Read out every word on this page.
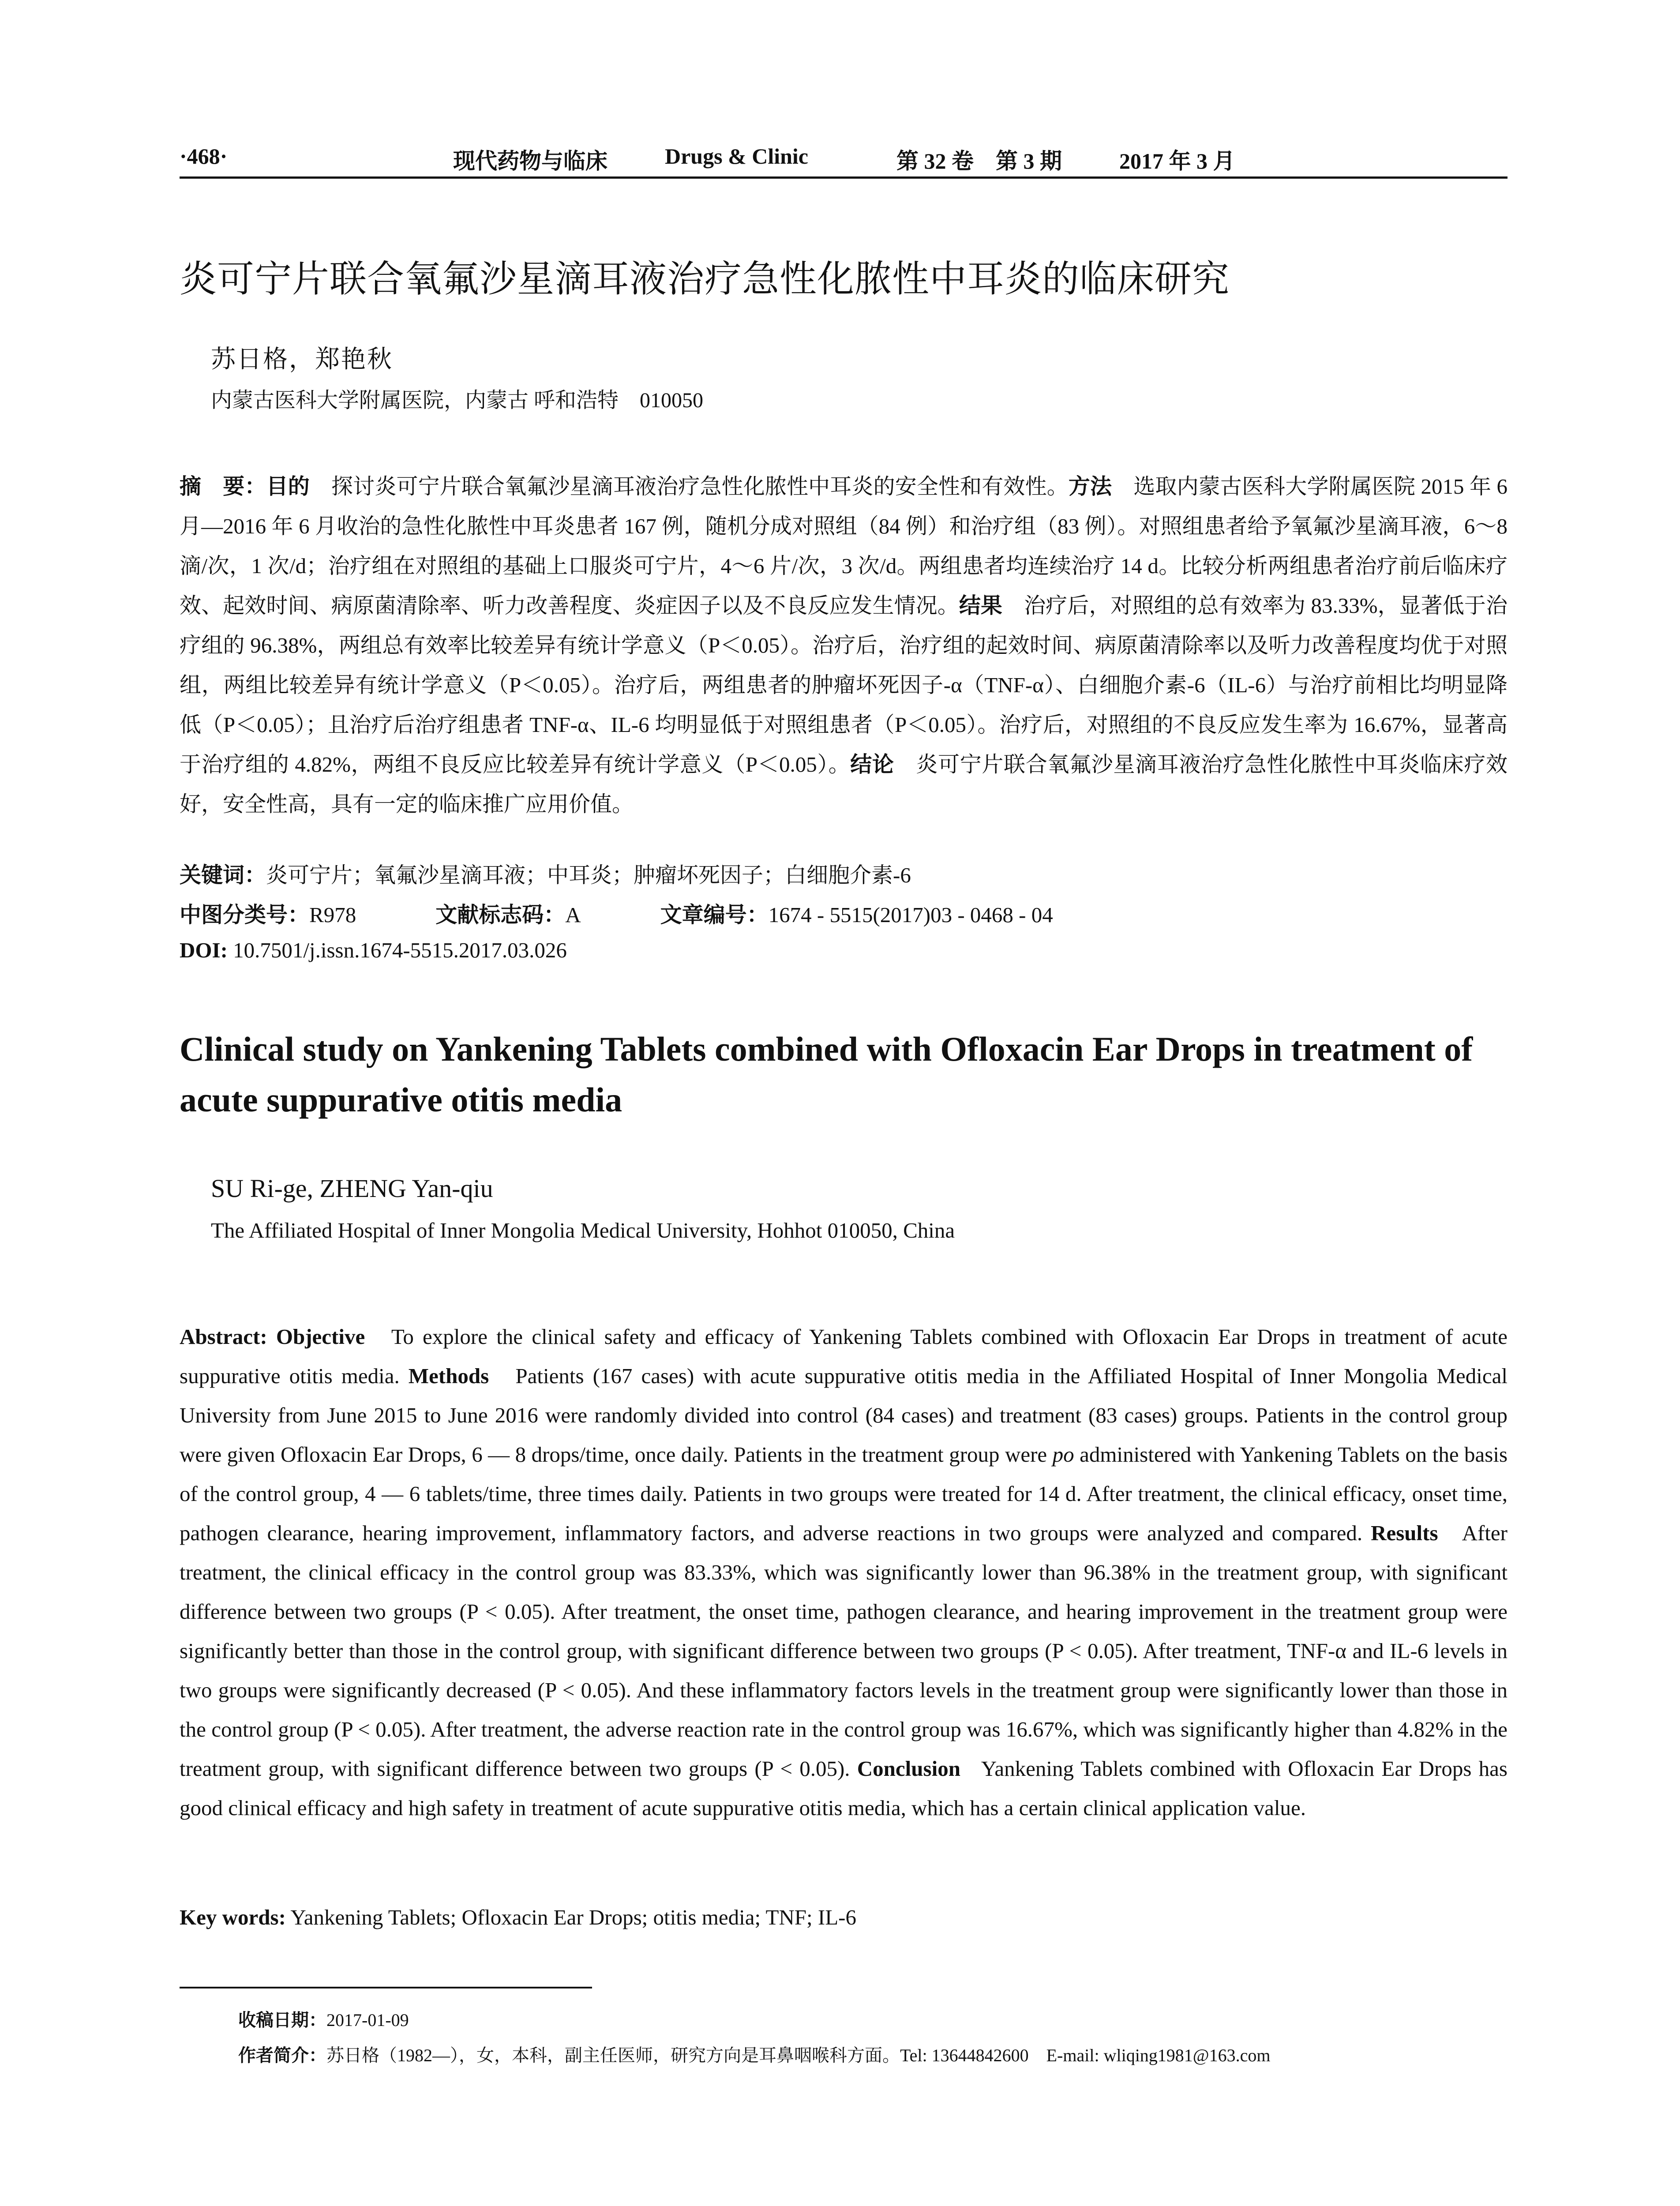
·468·	现代药物与临床	Drugs & Clinic	第 32 卷　第 3 期	2017 年 3 月
炎可宁片联合氧氟沙星滴耳液治疗急性化脓性中耳炎的临床研究
苏日格，郑艳秋
内蒙古医科大学附属医院，内蒙古 呼和浩特　010050
摘　要：目的　 探讨炎可宁片联合氧氟沙星滴耳液治疗急性化脓性中耳炎的安全性和有效性。方法　 选取内蒙古医科大学附属医院 2015 年 6 月—2016 年 6 月收治的急性化脓性中耳炎患者 167 例，随机分成对照组（84 例）和治疗组（83 例）。对照组患者给予氧氟沙星滴耳液，6～8 滴/次，1 次/d；治疗组在对照组的基础上口服炎可宁片，4～6 片/次，3 次/d。两组患者均连续治疗 14 d。比较分析两组患者治疗前后临床疗效、起效时间、病原菌清除率、听力改善程度、炎症因子以及不良反应发生情况。结果　 治疗后，对照组的总有效率为 83.33%，显著低于治疗组的 96.38%，两组总有效率比较差异有统计学意义（P＜0.05）。治疗后，治疗组的起效时间、病原菌清除率以及听力改善程度均优于对照组，两组比较差异有统计学意义（P＜0.05）。治疗后，两组患者的肿瘤坏死因子-α（TNF-α）、白细胞介素-6（IL-6）与治疗前相比均明显降低（P＜0.05）；且治疗后治疗组患者 TNF-α、IL-6 均明显低于对照组患者（P＜0.05）。治疗后，对照组的不良反应发生率为 16.67%，显著高于治疗组的 4.82%，两组不良反应比较差异有统计学意义（P＜0.05）。结论　 炎可宁片联合氧氟沙星滴耳液治疗急性化脓性中耳炎临床疗效好，安全性高，具有一定的临床推广应用价值。
关键词：炎可宁片；氧氟沙星滴耳液；中耳炎；肿瘤坏死因子；白细胞介素-6
中图分类号：R978	文献标志码：A	文章编号：1674 - 5515(2017)03 - 0468 - 04
DOI: 10.7501/j.issn.1674-5515.2017.03.026
Clinical study on Yankening Tablets combined with Ofloxacin Ear Drops in treatment of acute suppurative otitis media
SU Ri-ge, ZHENG Yan-qiu
The Affiliated Hospital of Inner Mongolia Medical University, Hohhot 010050, China
Abstract: Objective To explore the clinical safety and efficacy of Yankening Tablets combined with Ofloxacin Ear Drops in treatment of acute suppurative otitis media. Methods Patients (167 cases) with acute suppurative otitis media in the Affiliated Hospital of Inner Mongolia Medical University from June 2015 to June 2016 were randomly divided into control (84 cases) and treatment (83 cases) groups. Patients in the control group were given Ofloxacin Ear Drops, 6 — 8 drops/time, once daily. Patients in the treatment group were po administered with Yankening Tablets on the basis of the control group, 4 — 6 tablets/time, three times daily. Patients in two groups were treated for 14 d. After treatment, the clinical efficacy, onset time, pathogen clearance, hearing improvement, inflammatory factors, and adverse reactions in two groups were analyzed and compared. Results After treatment, the clinical efficacy in the control group was 83.33%, which was significantly lower than 96.38% in the treatment group, with significant difference between two groups (P < 0.05). After treatment, the onset time, pathogen clearance, and hearing improvement in the treatment group were significantly better than those in the control group, with significant difference between two groups (P < 0.05). After treatment, TNF-α and IL-6 levels in two groups were significantly decreased (P < 0.05). And these inflammatory factors levels in the treatment group were significantly lower than those in the control group (P < 0.05). After treatment, the adverse reaction rate in the control group was 16.67%, which was significantly higher than 4.82% in the treatment group, with significant difference between two groups (P < 0.05). Conclusion Yankening Tablets combined with Ofloxacin Ear Drops has good clinical efficacy and high safety in treatment of acute suppurative otitis media, which has a certain clinical application value.
Key words: Yankening Tablets; Ofloxacin Ear Drops; otitis media; TNF; IL-6
收稿日期：2017-01-09
作者简介：苏日格（1982—），女，本科，副主任医师，研究方向是耳鼻咽喉科方面。Tel: 13644842600　E-mail: wliqing1981@163.com
